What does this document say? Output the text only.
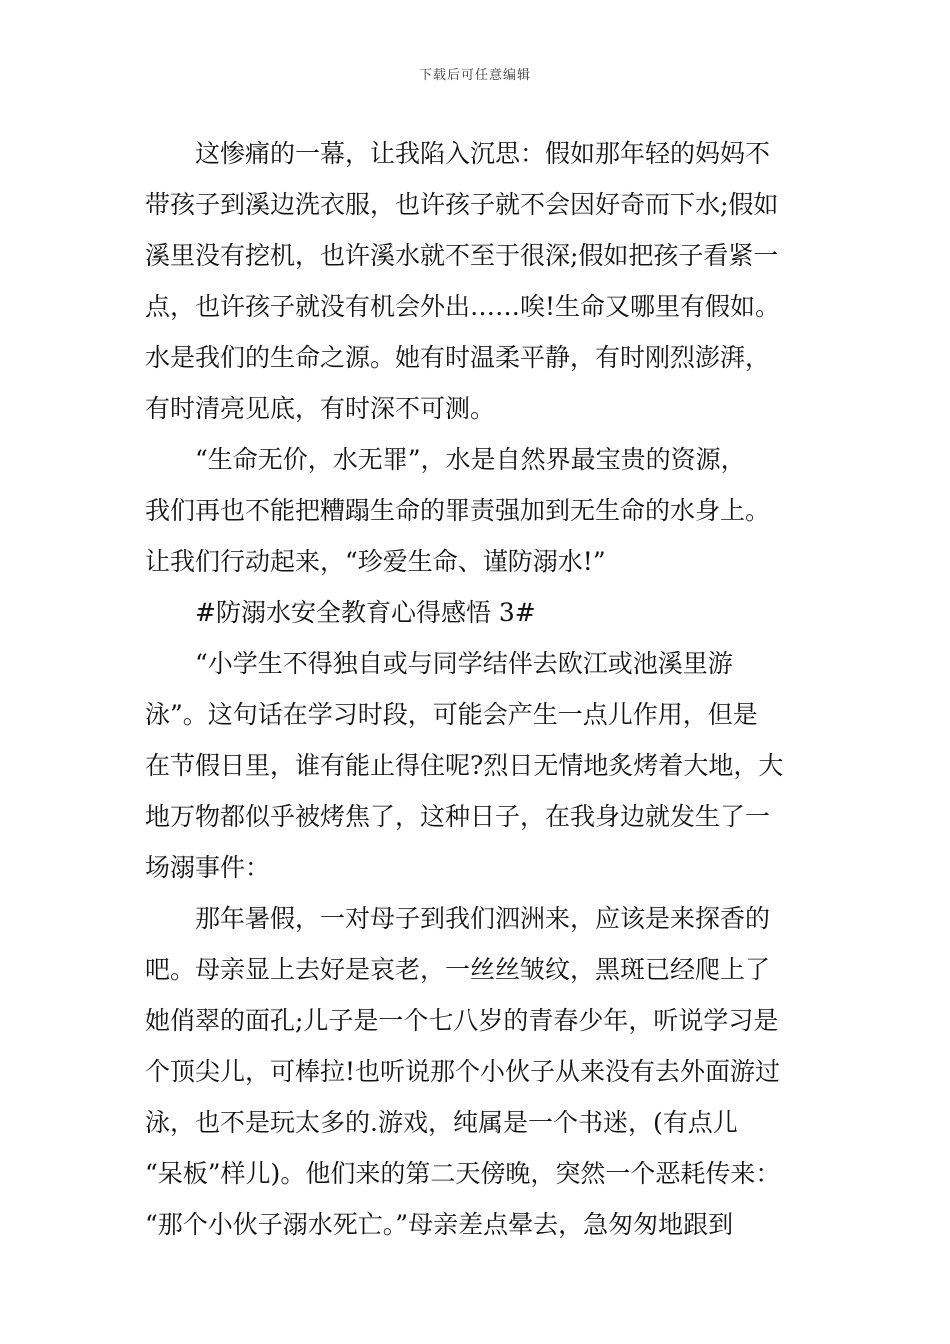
下载后可任意编辑
这惨痛的一幕，让我陷入沉思：假如那年轻的妈妈不
带孩子到溪边洗衣服，也许孩子就不会因好奇而下水;假如
溪里没有挖机，也许溪水就不至于很深;假如把孩子看紧一
点，也许孩子就没有机会外出……唉!生命又哪里有假如。
水是我们的生命之源。她有时温柔平静，有时刚烈澎湃，
有时清亮见底，有时深不可测。
“生命无价，水无罪”，水是自然界最宝贵的资源，
我们再也不能把糟蹋生命的罪责强加到无生命的水身上。
让我们行动起来，“珍爱生命、谨防溺水!”
#防溺水安全教育心得感悟 3#
“小学生不得独自或与同学结伴去欧江或池溪里游
泳”。这句话在学习时段，可能会产生一点儿作用，但是
在节假日里，谁有能止得住呢?烈日无情地炙烤着大地，大
地万物都似乎被烤焦了，这种日子，在我身边就发生了一
场溺事件：
那年暑假，一对母子到我们泗洲来，应该是来探香的
吧。母亲显上去好是哀老，一丝丝皱纹，黑斑已经爬上了
她俏翠的面孔;儿子是一个七八岁的青春少年，听说学习是
个顶尖儿，可棒拉!也听说那个小伙子从来没有去外面游过
泳，也不是玩太多的.游戏，纯属是一个书迷，(有点儿
“呆板”样儿)。他们来的第二天傍晚，突然一个恶耗传来：
“那个小伙子溺水死亡。”母亲差点晕去，急匆匆地跟到
